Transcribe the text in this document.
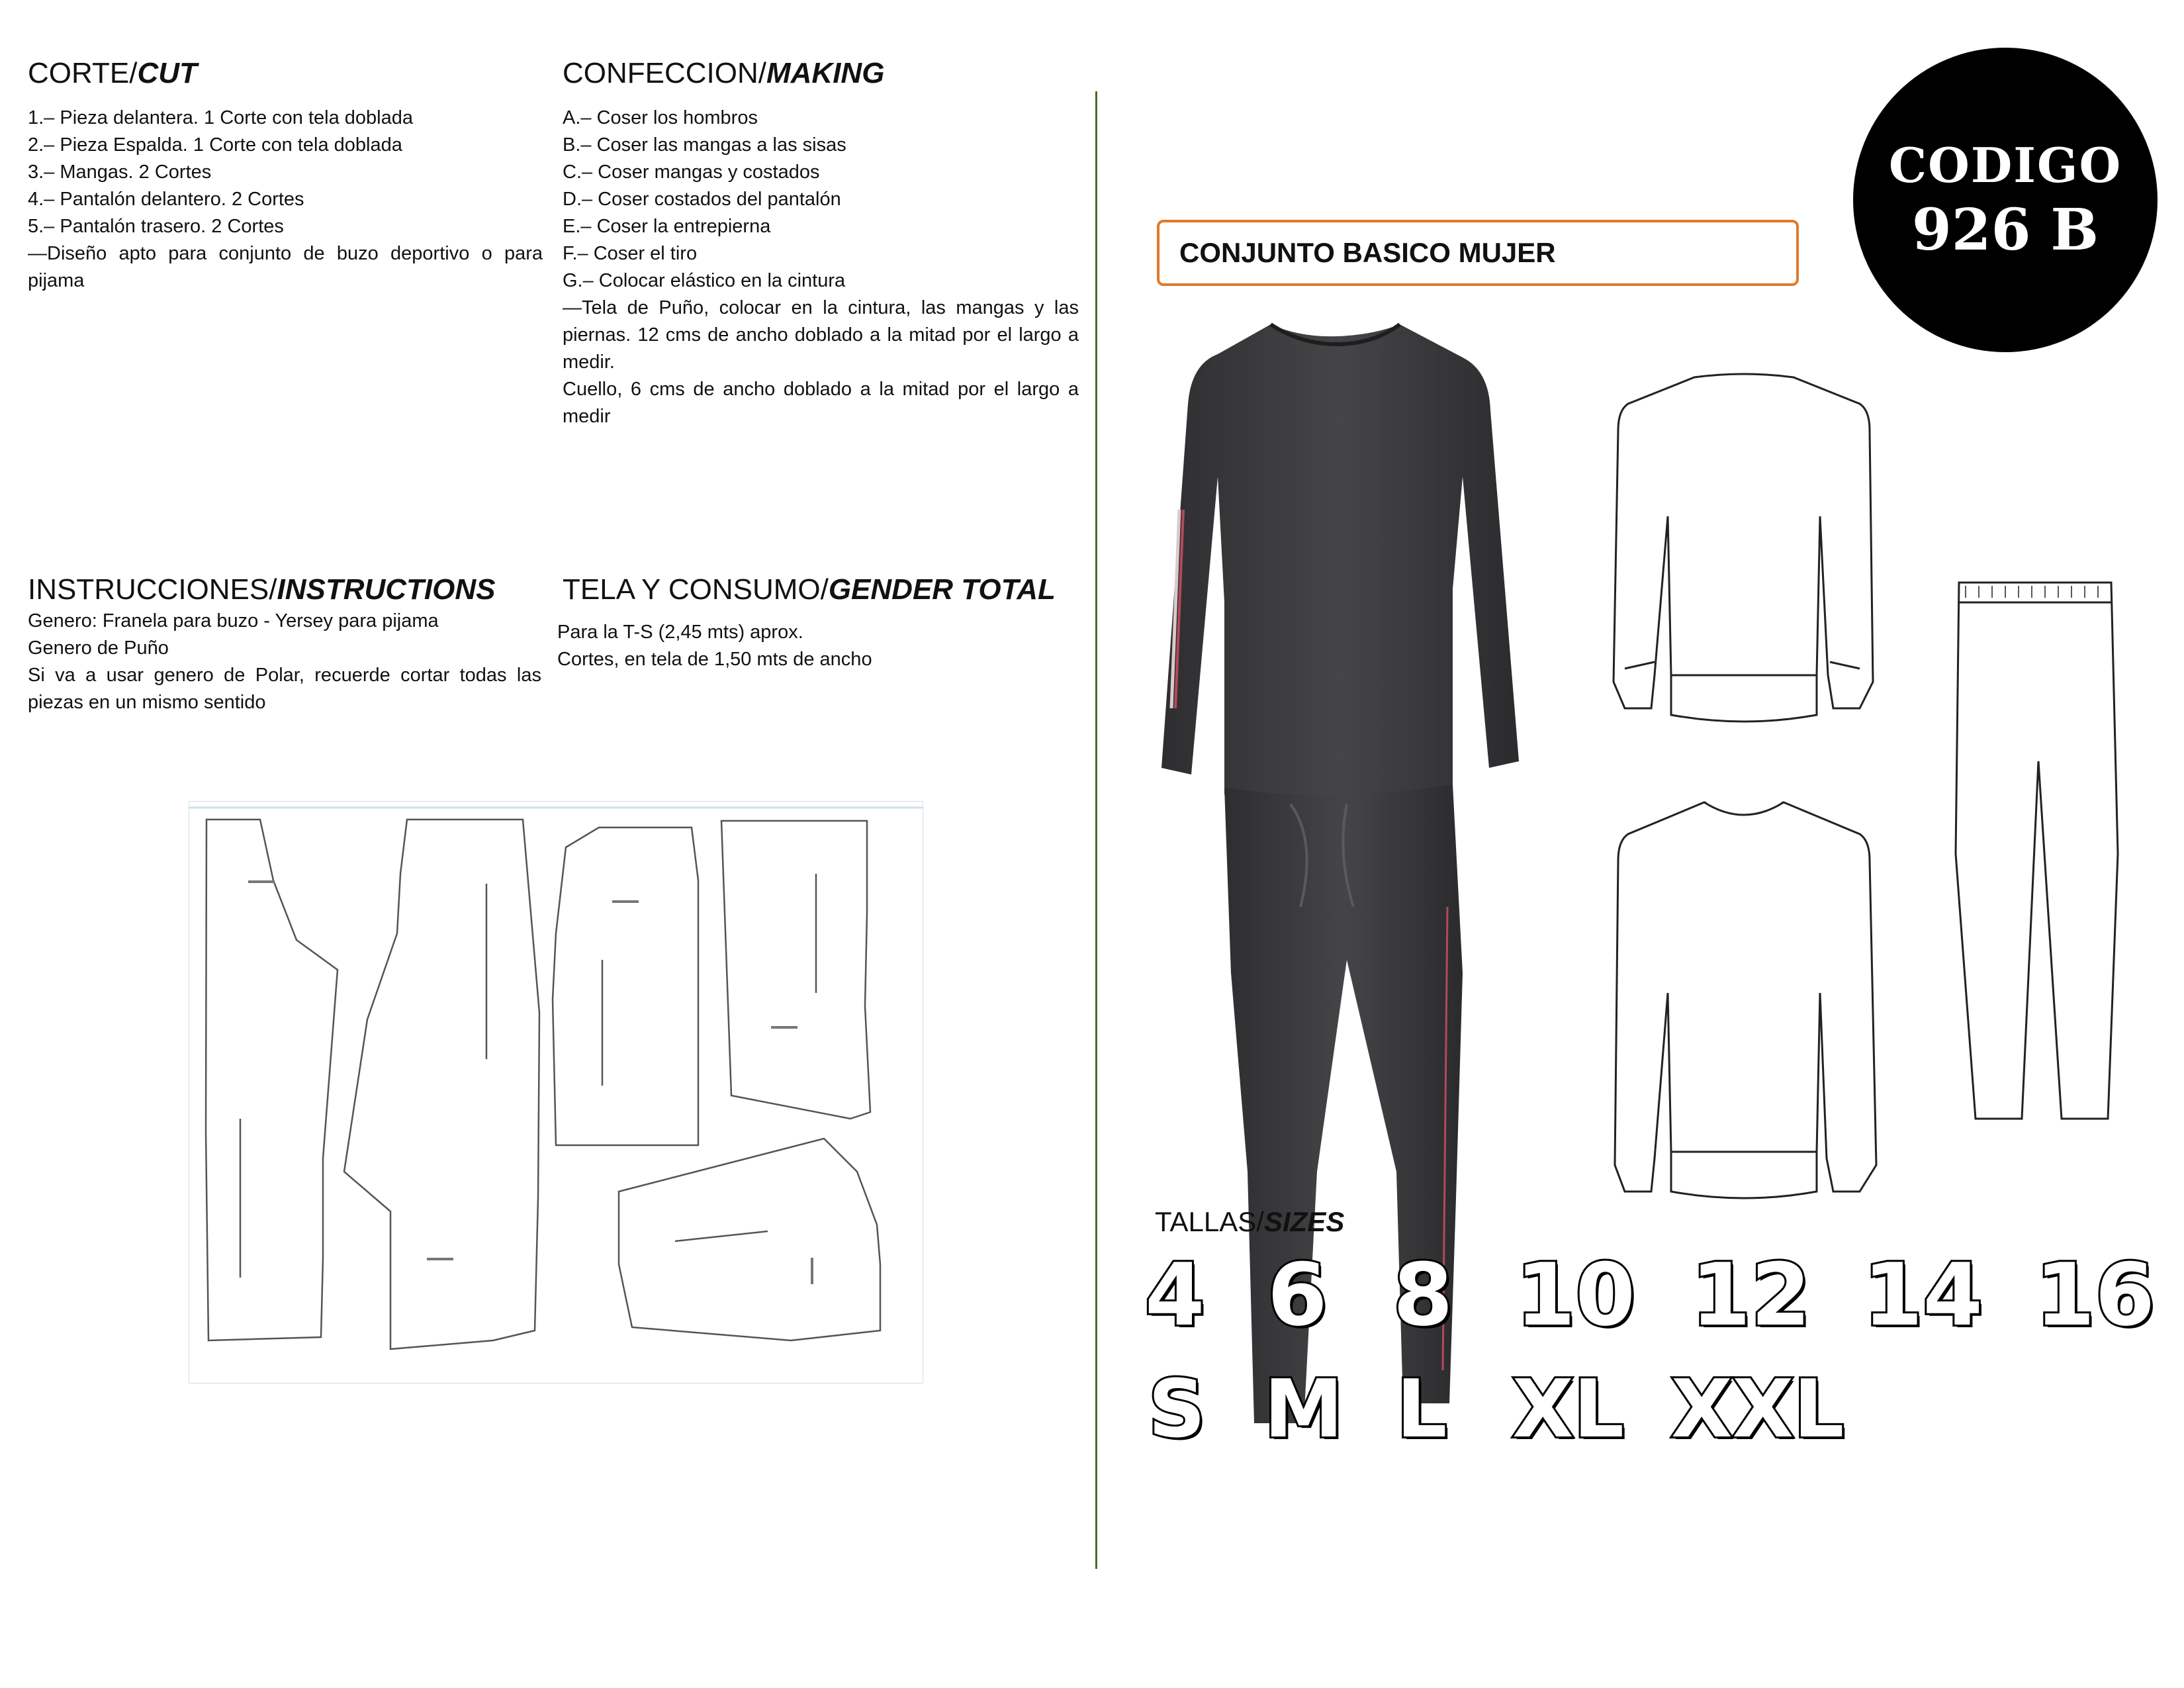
CORTE/CUT
1.– Pieza delantera. 1 Corte con tela doblada
2.– Pieza Espalda. 1 Corte con tela doblada
3.– Mangas. 2 Cortes
4.– Pantalón delantero. 2 Cortes
5.– Pantalón trasero. 2 Cortes
—Diseño apto para conjunto de buzo deportivo o para pijama
CONFECCION/MAKING
A.– Coser los hombros
B.– Coser las mangas a las sisas
C.– Coser mangas y costados
D.– Coser costados del pantalón
E.– Coser la entrepierna
F.– Coser el tiro
G.– Colocar elástico en la cintura
—Tela de Puño, colocar en la cintura, las mangas y las piernas. 12 cms de ancho doblado a la mitad por el largo a medir.
Cuello, 6 cms de ancho doblado a la mitad por el largo a medir
INSTRUCCIONES/INSTRUCTIONS
Genero: Franela para buzo - Yersey para pijama
Genero de Puño
Si va a usar genero de Polar, recuerde cortar todas las piezas en un mismo sentido
TELA Y CONSUMO/GENDER TOTAL
Para la T-S (2,45 mts) aprox.
Cortes, en tela de 1,50 mts de ancho
CODIGO
926 B
CONJUNTO BASICO MUJER
TALLAS/SIZES
4 6 8 10 12 14 16
S M L XL XXL
